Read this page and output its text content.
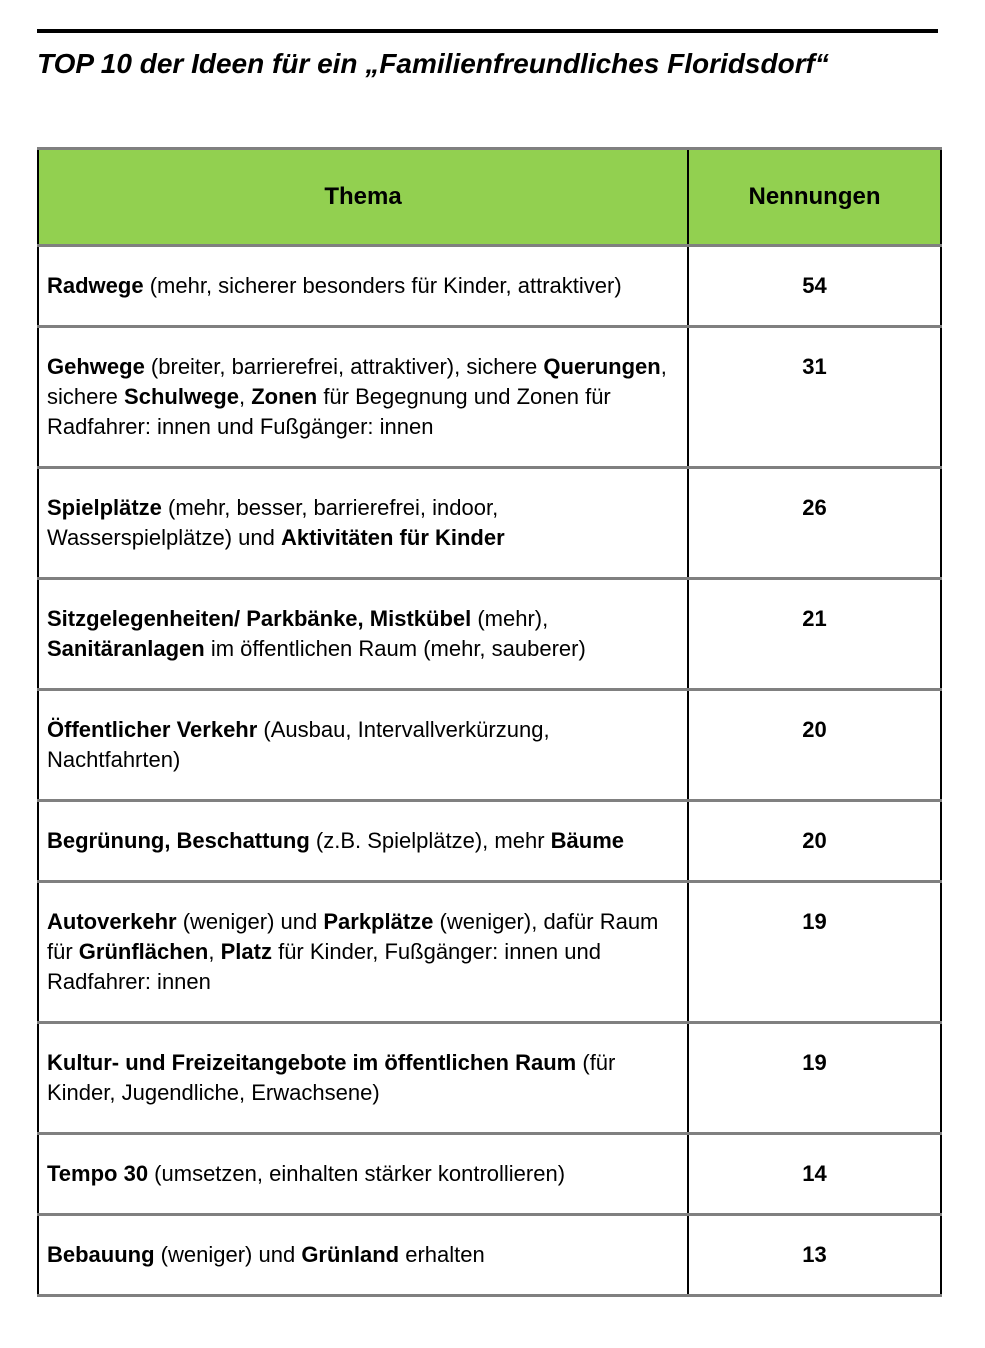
TOP 10 der Ideen für ein „Familienfreundliches Floridsdorf“
Thema	Nennungen
Radwege (mehr, sicherer besonders für Kinder, attraktiver)	54
Gehwege (breiter, barrierefrei, attraktiver), sichere Querungen, sichere Schulwege, Zonen für Begegnung und Zonen für Radfahrer: innen und Fußgänger: innen	31
Spielplätze (mehr, besser, barrierefrei, indoor, Wasserspielplätze) und Aktivitäten für Kinder	26
Sitzgelegenheiten/ Parkbänke, Mistkübel (mehr), Sanitäranlagen im öffentlichen Raum (mehr, sauberer)	21
Öffentlicher Verkehr (Ausbau, Intervallverkürzung, Nachtfahrten)	20
Begrünung, Beschattung (z.B. Spielplätze), mehr Bäume	20
Autoverkehr (weniger) und Parkplätze (weniger), dafür Raum für Grünflächen, Platz für Kinder, Fußgänger: innen und Radfahrer: innen	19
Kultur- und Freizeitangebote im öffentlichen Raum (für Kinder, Jugendliche, Erwachsene)	19
Tempo 30 (umsetzen, einhalten stärker kontrollieren)	14
Bebauung (weniger) und Grünland erhalten	13
